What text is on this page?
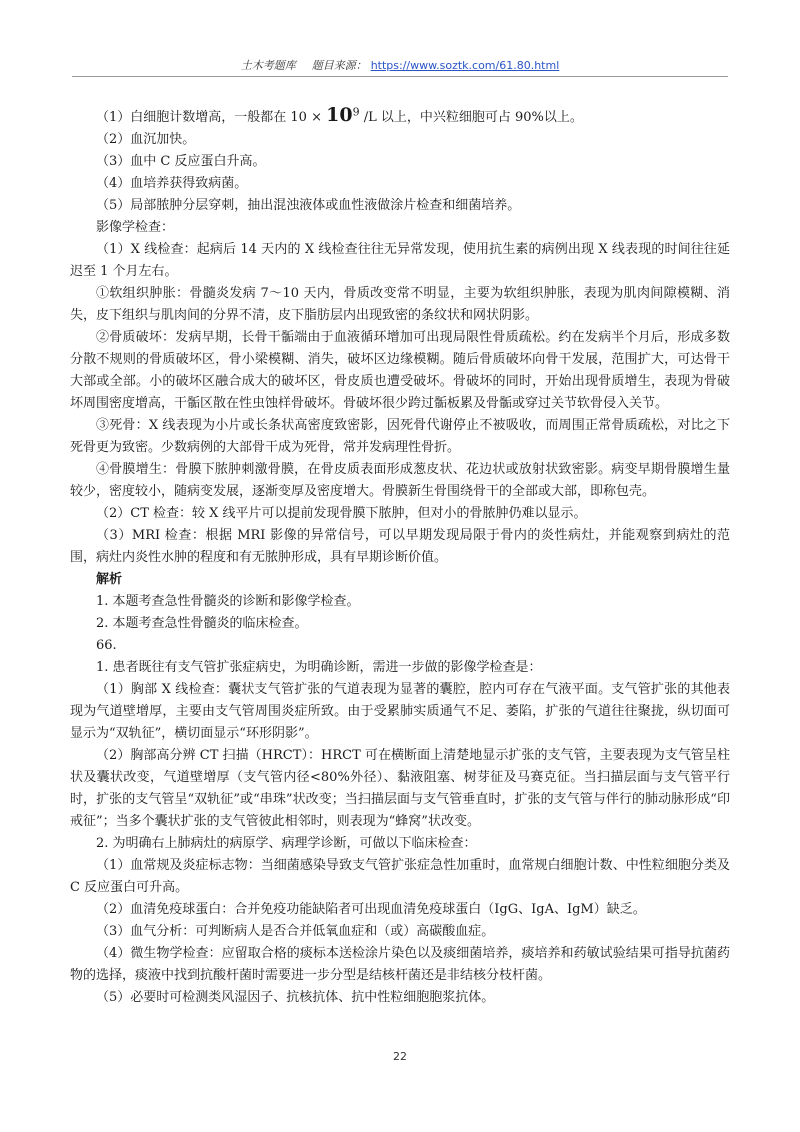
土木考题库 题目来源： https://www.soztk.com/61.80.html

（1）白细胞计数增高，一般都在 $10 \times 10^9$ /L 以上，中兴粒细胞可占 90%以上。

（2）血沉加快。

（3）血中 C 反应蛋白升高。

（4）血培养获得致病菌。

（5）局部脓肿分层穿刺，抽出混浊液体或血性液做涂片检查和细菌培养。

影像学检查：

（1）X 线检查：起病后 14 天内的 X 线检查往往无异常发现，使用抗生素的病例出现 X 线表现的时间往往延迟至 1 个月左右。

①软组织肿胀：骨髓炎发病 7～10 天内，骨质改变常不明显，主要为软组织肿胀，表现为肌肉间隙模糊、消失，皮下组织与肌肉间的分界不清，皮下脂肪层内出现致密的条纹状和网状阴影。

②骨质破坏：发病早期，长骨干骺端由于血液循环增加可出现局限性骨质疏松。约在发病半个月后，形成多数分散不规则的骨质破坏区，骨小梁模糊、消失，破坏区边缘模糊。随后骨质破坏向骨干发展，范围扩大，可达骨干大部或全部。小的破坏区融合成大的破坏区，骨皮质也遭受破坏。骨破坏的同时，开始出现骨质增生，表现为骨破坏周围密度增高，干骺区散在性虫蚀样骨破坏。骨破坏很少跨过骺板累及骨骺或穿过关节软骨侵入关节。

③死骨：X 线表现为小片或长条状高密度致密影，因死骨代谢停止不被吸收，而周围正常骨质疏松，对比之下死骨更为致密。少数病例的大部骨干成为死骨，常并发病理性骨折。

④骨膜增生：骨膜下脓肿刺激骨膜，在骨皮质表面形成葱皮状、花边状或放射状致密影。病变早期骨膜增生量较少，密度较小，随病变发展，逐渐变厚及密度增大。骨膜新生骨围绕骨干的全部或大部，即称包壳。

（2）CT 检查：较 X 线平片可以提前发现骨膜下脓肿，但对小的骨脓肿仍难以显示。

（3）MRI 检查：根据 MRI 影像的异常信号，可以早期发现局限于骨内的炎性病灶，并能观察到病灶的范围，病灶内炎性水肿的程度和有无脓肿形成，具有早期诊断价值。

解析

1. 本题考查急性骨髓炎的诊断和影像学检查。

2. 本题考查急性骨髓炎的临床检查。

66.

1. 患者既往有支气管扩张症病史，为明确诊断，需进一步做的影像学检查是：

（1）胸部 X 线检查：囊状支气管扩张的气道表现为显著的囊腔，腔内可存在气液平面。支气管扩张的其他表现为气道壁增厚，主要由支气管周围炎症所致。由于受累肺实质通气不足、萎陷，扩张的气道往往聚拢，纵切面可显示为“双轨征”，横切面显示“环形阴影”。

（2）胸部高分辨 CT 扫描（HRCT）：HRCT 可在横断面上清楚地显示扩张的支气管，主要表现为支气管呈柱状及囊状改变，气道壁增厚（支气管内径<80%外径）、黏液阻塞、树芽征及马赛克征。当扫描层面与支气管平行时，扩张的支气管呈“双轨征”或“串珠”状改变；当扫描层面与支气管垂直时，扩张的支气管与伴行的肺动脉形成“印戒征”；当多个囊状扩张的支气管彼此相邻时，则表现为“蜂窝”状改变。

2. 为明确右上肺病灶的病原学、病理学诊断，可做以下临床检查：

（1）血常规及炎症标志物：当细菌感染导致支气管扩张症急性加重时，血常规白细胞计数、中性粒细胞分类及 C 反应蛋白可升高。

（2）血清免疫球蛋白：合并免疫功能缺陷者可出现血清免疫球蛋白（IgG、IgA、IgM）缺乏。

（3）血气分析：可判断病人是否合并低氧血症和（或）高碳酸血症。

（4）微生物学检查：应留取合格的痰标本送检涂片染色以及痰细菌培养，痰培养和药敏试验结果可指导抗菌药物的选择，痰液中找到抗酸杆菌时需要进一步分型是结核杆菌还是非结核分枝杆菌。

（5）必要时可检测类风湿因子、抗核抗体、抗中性粒细胞胞浆抗体。

22
